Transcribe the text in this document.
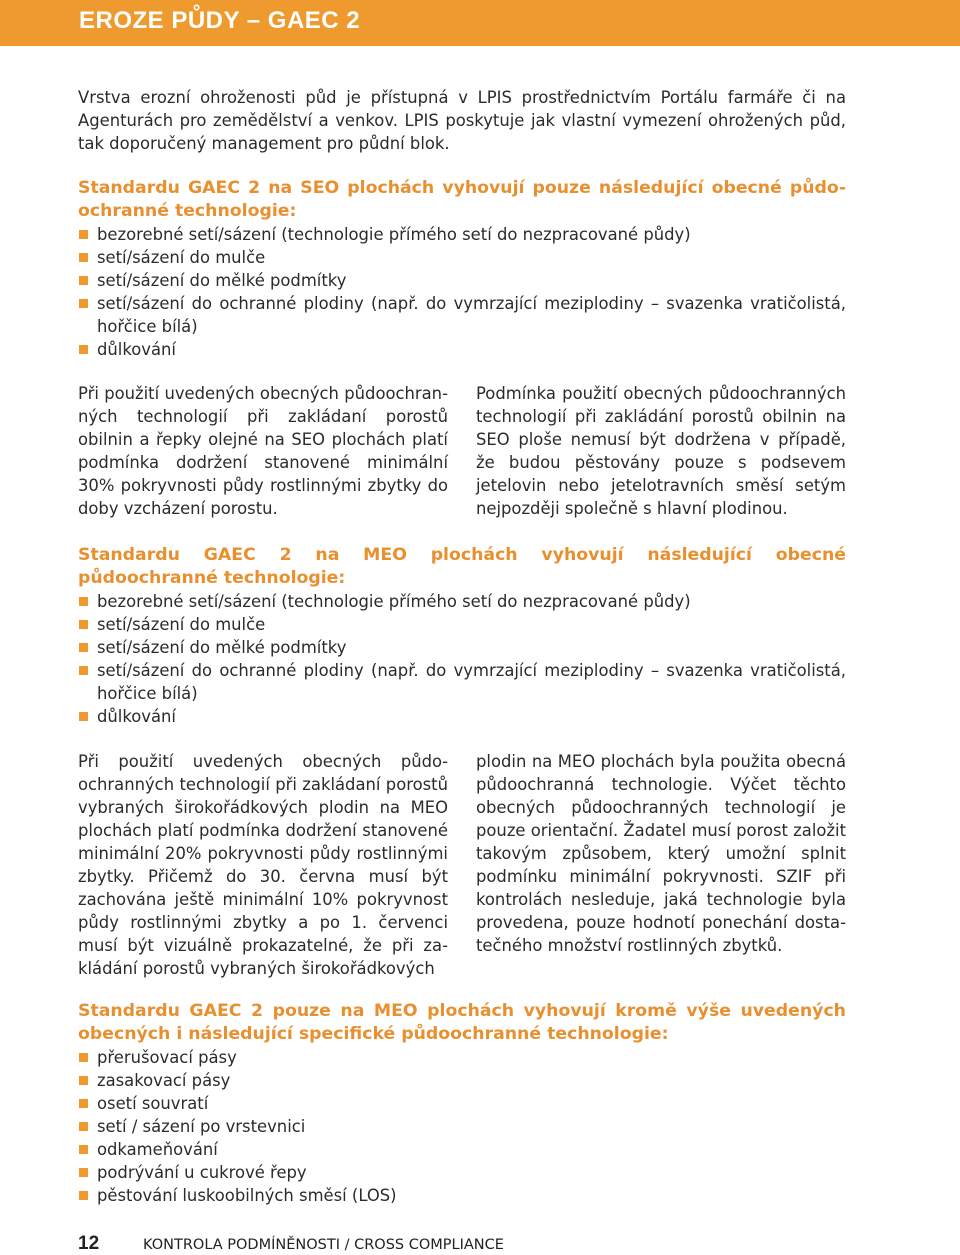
EROZE PŮDY – GAEC 2
Vrstva erozní ohroženosti půd je přístupná v LPIS prostřednictvím Portálu farmáře či na Agenturách pro zemědělství a venkov. LPIS poskytuje jak vlastní vymezení ohrožených půd, tak doporučený management pro půdní blok.

Standardu GAEC 2 na SEO plochách vyhovují pouze následující obecné půdoochranné technologie:

bezorebné setí/sázení (technologie přímého setí do nezpracované půdy)
setí/sázení do mulče
setí/sázení do mělké podmítky
setí/sázení do ochranné plodiny (např. do vymrzající meziplodiny – svazenka vratičolistá, hořčice bílá)
důlkování
Při použití uvedených obecných půdoochranných technologií při zakládaní porostů obilnin a řepky olejné na SEO plochách platí podmínka dodržení stanovené minimální 30% pokryvnosti půdy rostlinnými zbytky do doby vzcházení porostu.
Podmínka použití obecných půdoochranných technologií při zakládání porostů obilnin na SEO ploše nemusí být dodržena v případě, že budou pěstovány pouze s podsevem jetelovin nebo jetelotravních směsí setým nejpozději společně s hlavní plodinou.

Standardu GAEC 2 na MEO plochách vyhovují následující obecné půdoochranné technologie:

bezorebné setí/sázení (technologie přímého setí do nezpracované půdy)
setí/sázení do mulče
setí/sázení do mělké podmítky
setí/sázení do ochranné plodiny (např. do vymrzající meziplodiny – svazenka vratičolistá, hořčice bílá)
důlkování
Při použití uvedených obecných půdoochranných technologií při zakládaní porostů vybraných širokořádkových plodin na MEO plochách platí podmínka dodržení stanovené minimální 20% pokryvnosti půdy rostlinnými zbytky. Přičemž do 30. června musí být zachována ještě minimální 10% pokryvnost půdy rostlinnými zbytky a po 1. červenci musí být vizuálně prokazatelné, že při zakládání porostů vybraných širokořádkových
plodin na MEO plochách byla použita obecná půdoochranná technologie. Výčet těchto obecných půdoochranných technologií je pouze orientační. Žadatel musí porost založit takovým způsobem, který umožní splnit podmínku minimální pokryvnosti. SZIF při kontrolách nesleduje, jaká technologie byla provedena, pouze hodnotí ponechání dostatečného množství rostlinných zbytků.

Standardu GAEC 2 pouze na MEO plochách vyhovují kromě výše uvedených obecných i následující specifické půdoochranné technologie:

přerušovací pásy
zasakovací pásy
osetí souvratí
setí / sázení po vrstevnici
odkameňování
podrývání u cukrové řepy
pěstování luskoobilných směsí (LOS)
12	KONTROLA PODMÍNĚNOSTI / CROSS COMPLIANCE
